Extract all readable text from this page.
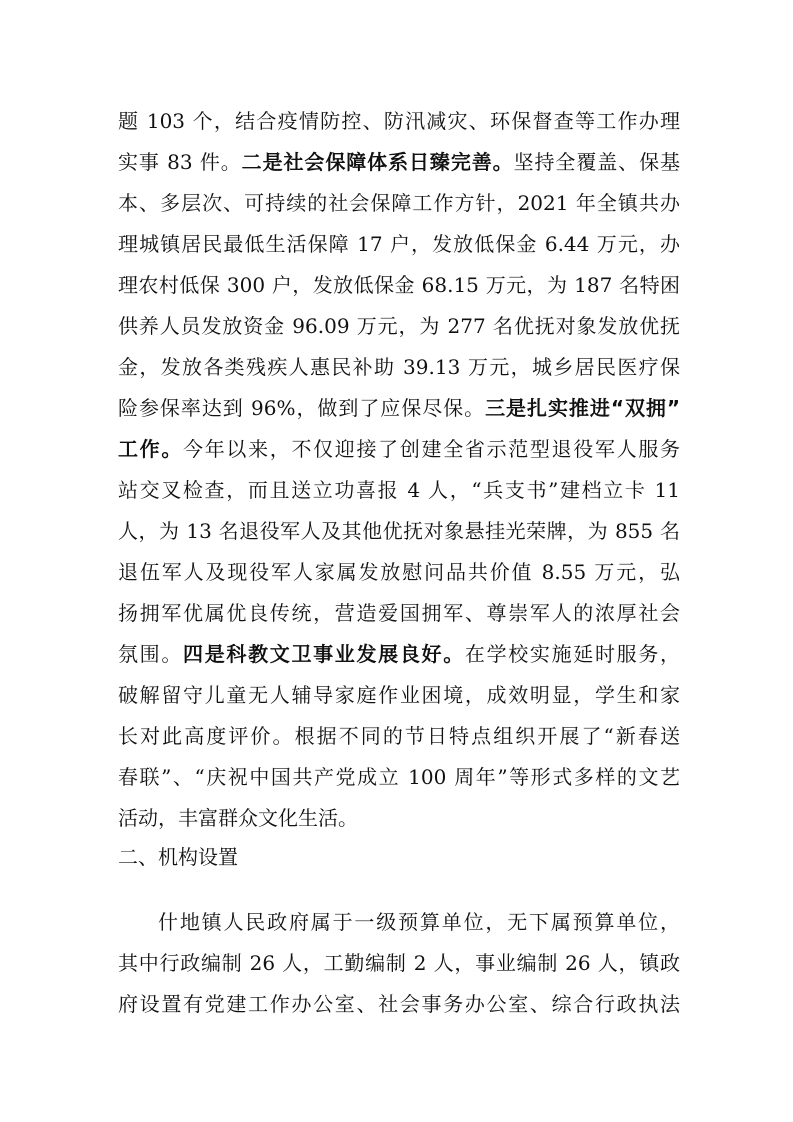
题 103 个，结合疫情防控、防汛减灾、环保督查等工作办理
实事 83 件。二是社会保障体系日臻完善。坚持全覆盖、保基
本、多层次、可持续的社会保障工作方针，2021 年全镇共办
理城镇居民最低生活保障 17 户，发放低保金 6.44 万元，办
理农村低保 300 户，发放低保金 68.15 万元，为 187 名特困
供养人员发放资金 96.09 万元，为 277 名优抚对象发放优抚
金，发放各类残疾人惠民补助 39.13 万元，城乡居民医疗保
险参保率达到 96%，做到了应保尽保。三是扎实推进“双拥”
工作。今年以来，不仅迎接了创建全省示范型退役军人服务
站交叉检查，而且送立功喜报 4 人，“兵支书”建档立卡 11
人，为 13 名退役军人及其他优抚对象悬挂光荣牌，为 855 名
退伍军人及现役军人家属发放慰问品共价值 8.55 万元，弘
扬拥军优属优良传统，营造爱国拥军、尊崇军人的浓厚社会
氛围。四是科教文卫事业发展良好。在学校实施延时服务，
破解留守儿童无人辅导家庭作业困境，成效明显，学生和家
长对此高度评价。根据不同的节日特点组织开展了“新春送
春联”、“庆祝中国共产党成立 100 周年”等形式多样的文艺
活动，丰富群众文化生活。
二、机构设置
什地镇人民政府属于一级预算单位，无下属预算单位，
其中行政编制 26 人，工勤编制 2 人，事业编制 26 人，镇政
府设置有党建工作办公室、社会事务办公室、综合行政执法
